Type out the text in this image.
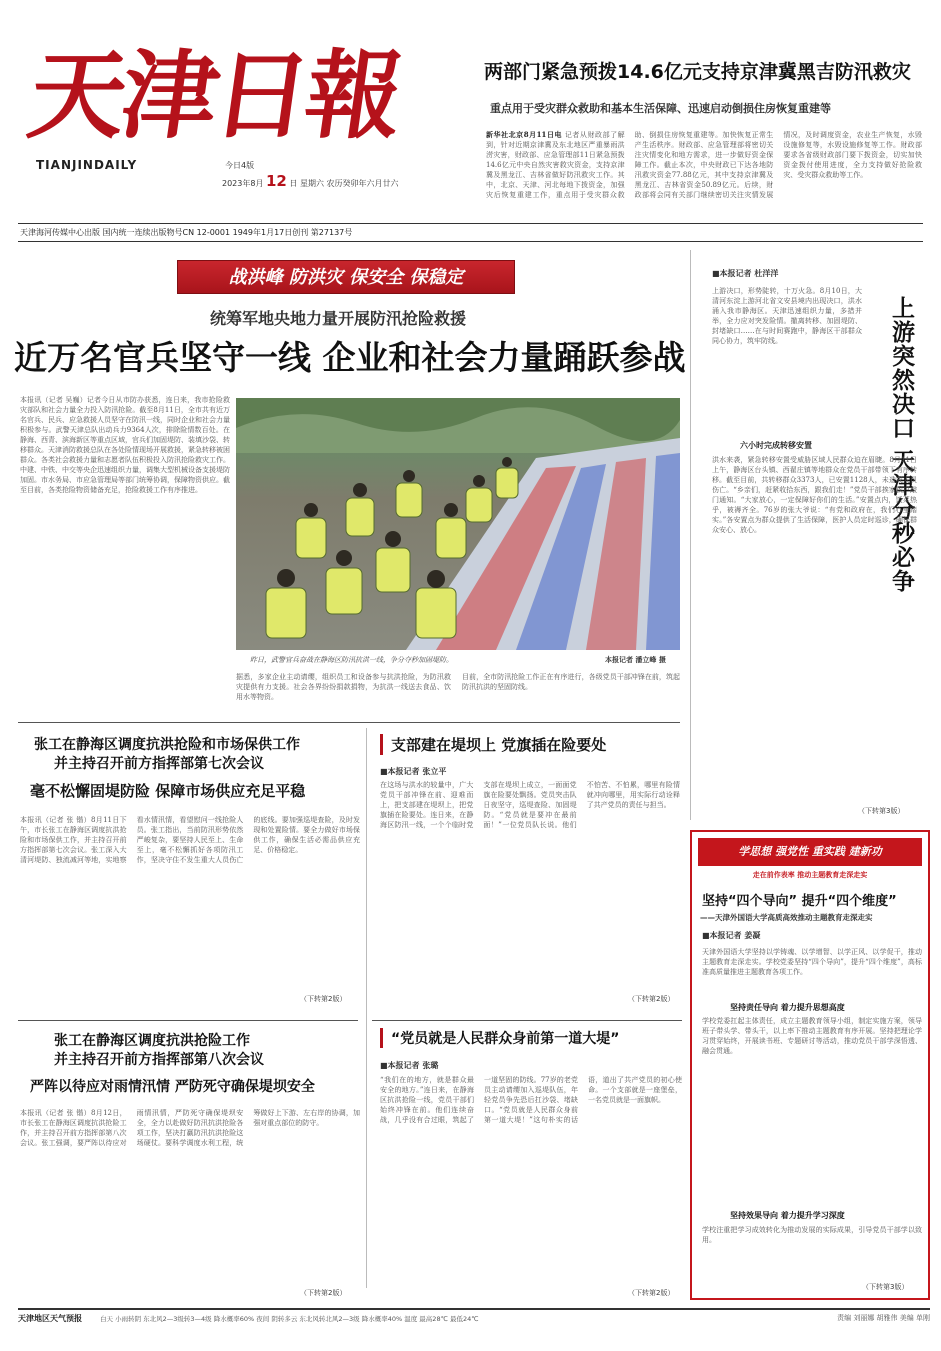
天津日報
TIANJINDAILY	今日4版
2023年8月 12 日 星期六 农历癸卯年六月廿六
两部门紧急预拨14.6亿元支持京津冀黑吉防汛救灾
重点用于受灾群众救助和基本生活保障、迅速启动倒损住房恢复重建等
新华社北京8月11日电 记者从财政部了解到，针对近期京津冀及东北地区严重暴雨洪涝灾害，财政部、应急管理部11日紧急预拨14.6亿元中央自然灾害救灾资金，支持京津冀及黑龙江、吉林省做好防汛救灾工作。其中，北京、天津、河北每地下拨资金，加强灾后恢复重建工作，重点用于受灾群众救助、倒损住房恢复重建等。加快恢复正常生产生活秩序。财政部、应急管理部将密切关注灾情变化和地方需求，进一步做好资金保障工作。截止本次，中央财政已下达各地防汛救灾资金77.88亿元，其中支持京津冀及黑龙江、吉林省资金50.89亿元。后续，财政部将会同有关部门继续密切关注灾情发展情况，及时调度资金，农业生产恢复，水毁设施修复等，水毁设施修复等工作。财政部要求各省级财政部门要下拨资金，切实加快资金拨付使用进度，全力支持做好抢险救灾、受灾群众救助等工作。
天津海河传媒中心出版 国内统一连续出版物号CN 12-0001 1949年1月17日创刊 第27137号
战洪峰 防洪灾 保安全 保稳定
统筹军地央地力量开展防汛抢险救援
近万名官兵坚守一线 企业和社会力量踊跃参战
本报讯（记者 吴巍）记者今日从市防办获悉，连日来，我市抢险救灾部队和社会力量全力投入防汛抢险。截至8月11日，全市共有近万名官兵、民兵、应急救援人员坚守在防汛一线，同时企业和社会力量积极参与。武警天津总队出动兵力9364人次，排除险情数百处。在静海、西青、滨海新区等重点区域，官兵们加固堤防、装填沙袋、转移群众。天津消防救援总队在各处险情现场开展救援，紧急转移被困群众。各类社会救援力量和志愿者队伍积极投入防汛抢险救灾工作。中建、中铁、中交等央企迅速组织力量，调集大型机械设备支援堤防加固。市水务局、市应急管理局等部门统筹协调，保障物资供应。截至目前，各类抢险物资储备充足，抢险救援工作有序推进。
昨日，武警官兵奋战在静海区防汛抗洪一线，争分夺秒加固堤防。	本报记者 潘立峰 摄
据悉，多家企业主动请缨，组织员工和设备参与抗洪抢险，为防汛救灾提供有力支援。社会各界纷纷捐款捐物，为抗洪一线送去食品、饮用水等物资。
目前，全市防汛抢险工作正在有序进行，各级党员干部冲锋在前，筑起防汛抗洪的坚固防线。
■本报记者 杜洋洋
上游突然决口 天津分秒必争
上游决口，形势陡转，十万火急。8月10日，大清河东淀上游河北省文安县境内出现决口，洪水涌入我市静海区。天津迅速组织力量，多措并举，全力应对突发险情。撤离转移、加固堤防、封堵缺口……在与时间赛跑中，静海区干部群众同心协力，筑牢防线。
六小时完成转移安置
洪水来袭，紧急转移安置受威胁区域人民群众迫在眉睫。8月11日上午，静海区台头镇、西翟庄镇等地群众在党员干部带领下有序转移。截至目前，共转移群众3373人，已安置1128人，未造成人员伤亡。“乡亲们，赶紧收拾东西，跟我们走！”党员干部挨家挨户敲门通知。“大家放心，一定保障好你们的生活。”安置点内，饭菜热乎，被褥齐全。76岁的张大爷说：“有党和政府在，我们心里踏实。”各安置点为群众提供了生活保障，医护人员定时巡诊，确保群众安心、放心。
（下转第3版）
张工在静海区调度抗洪抢险和市场保供工作
并主持召开前方指挥部第七次会议
毫不松懈固堤防险 保障市场供应充足平稳
本报讯（记者 张 锴）8月11日下午，市长张工在静海区调度抗洪抢险和市场保供工作，并主持召开前方指挥部第七次会议。张工深入大清河堤防、独流减河等地，实地察看水情汛情，看望慰问一线抢险人员。张工指出，当前防汛形势依然严峻复杂，要坚持人民至上、生命至上，毫不松懈抓好各项防汛工作，坚决守住不发生重大人员伤亡的底线。要加强巡堤查险，及时发现和处置险情。要全力做好市场保供工作，确保生活必需品供应充足、价格稳定。
（下转第2版）
支部建在堤坝上 党旗插在险要处
■本报记者 张立平
在这场与洪水的较量中，广大党员干部冲锋在前、迎难而上，把支部建在堤坝上，把党旗插在险要处。连日来，在静海区防汛一线，一个个临时党支部在堤坝上成立，一面面党旗在险要处飘扬。党员突击队日夜坚守，巡堤查险、加固堤防。“党员就是要冲在最前面！”一位党员队长说。他们不怕苦、不怕累，哪里有险情就冲向哪里，用实际行动诠释了共产党员的责任与担当。
（下转第2版）
学思想 强党性 重实践 建新功
走在前作表率 推动主题教育走深走实
坚持“四个导向” 提升“四个维度”
——天津外国语大学高质高效推动主题教育走深走实
■本报记者 姜凝
天津外国语大学坚持以学铸魂、以学增智、以学正风、以学促干，推动主题教育走深走实。学校党委坚持“四个导向”，提升“四个维度”，高标准高质量推进主题教育各项工作。
坚持责任导向 着力提升思想高度
学校党委扛起主体责任，成立主题教育领导小组，制定实施方案，领导班子带头学、带头干，以上率下推动主题教育有序开展。坚持把理论学习贯穿始终，开展读书班、专题研讨等活动，推动党员干部学深悟透、融会贯通。
坚持效果导向 着力提升学习深度
学校注重把学习成效转化为推动发展的实际成果，引导党员干部学以致用。
（下转第3版）
张工在静海区调度抗洪抢险工作
并主持召开前方指挥部第八次会议
严阵以待应对雨情汛情 严防死守确保堤坝安全
本报讯（记者 张 锴）8月12日，市长张工在静海区调度抗洪抢险工作，并主持召开前方指挥部第八次会议。张工强调，要严阵以待应对雨情汛情，严防死守确保堤坝安全，全力以赴做好防汛抗洪抢险各项工作，坚决打赢防汛抗洪抢险这场硬仗。要科学调度水利工程，统筹做好上下游、左右岸的协调，加强对重点部位的防守。
（下转第2版）
“党员就是人民群众身前第一道大堤”
■本报记者 张璐
“我们在的地方，就是群众最安全的地方。”连日来，在静海区抗洪抢险一线，党员干部们始终冲锋在前。他们连续奋战，几乎没有合过眼，筑起了一道坚固的防线。77岁的老党员主动请缨加入巡堤队伍，年轻党员争先恐后扛沙袋、堵缺口。“党员就是人民群众身前第一道大堤！”这句朴实的话语，道出了共产党员的初心使命。一个支部就是一座堡垒，一名党员就是一面旗帜。
（下转第2版）
天津地区天气预报	白天 小雨转阴 东北风2—3级转3—4级 降水概率60% 夜间 阴转多云 东北风转北风2—3级 降水概率40% 温度 最高28℃ 最低24℃	责编 刘丽娜 胡雅伟 美编 单刚
